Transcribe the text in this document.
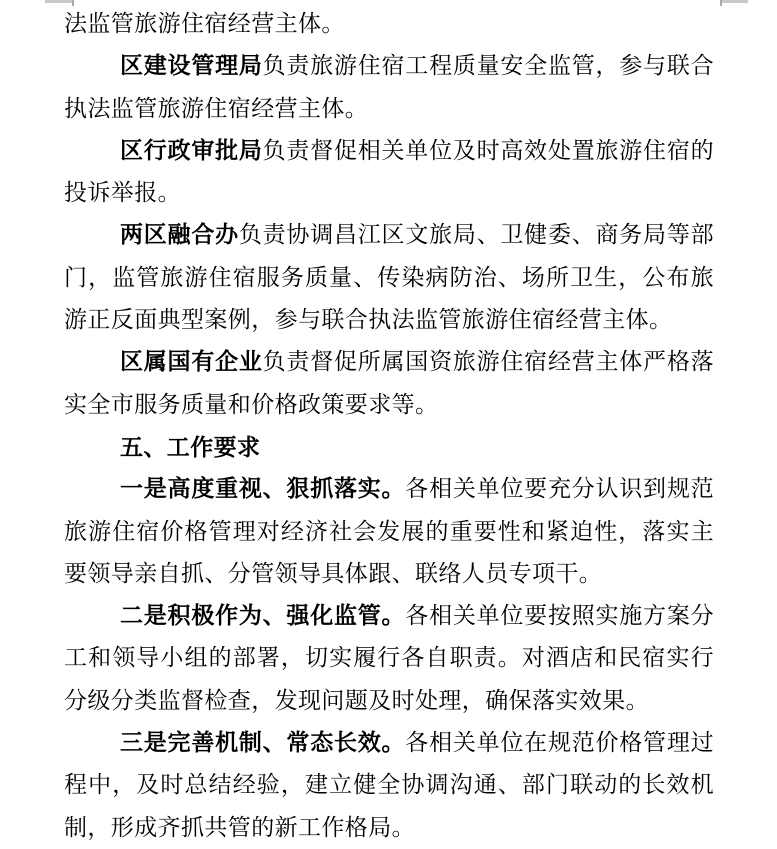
法监管旅游住宿经营主体。

区建设管理局负责旅游住宿工程质量安全监管，参与联合执法监管旅游住宿经营主体。

区行政审批局负责督促相关单位及时高效处置旅游住宿的投诉举报。

两区融合办负责协调昌江区文旅局、卫健委、商务局等部门，监管旅游住宿服务质量、传染病防治、场所卫生，公布旅游正反面典型案例，参与联合执法监管旅游住宿经营主体。

区属国有企业负责督促所属国资旅游住宿经营主体严格落实全市服务质量和价格政策要求等。

五、工作要求

一是高度重视、狠抓落实。各相关单位要充分认识到规范旅游住宿价格管理对经济社会发展的重要性和紧迫性，落实主要领导亲自抓、分管领导具体跟、联络人员专项干。

二是积极作为、强化监管。各相关单位要按照实施方案分工和领导小组的部署，切实履行各自职责。对酒店和民宿实行分级分类监督检查，发现问题及时处理，确保落实效果。

三是完善机制、常态长效。各相关单位在规范价格管理过程中，及时总结经验，建立健全协调沟通、部门联动的长效机制，形成齐抓共管的新工作格局。
